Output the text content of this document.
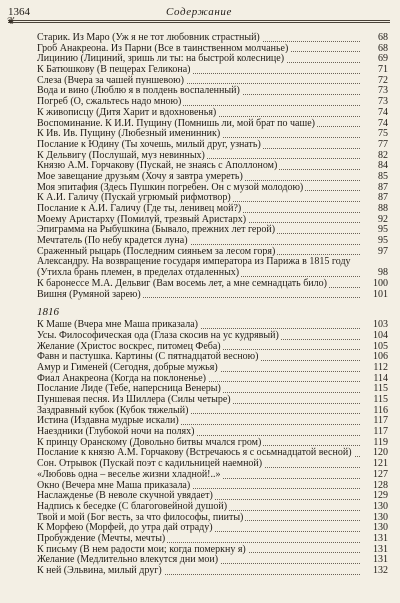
1364	Содержание
❦
Старик. Из Маро (Уж я не тот любовник страстный)	68
Гроб Анакреона. Из Парни (Все в таинственном молчанье)	68
Лицинию (Лициний, зришь ли ты: на быстрой колеснице)	69
К Батюшкову (В пещерах Геликона)	71
Слеза (Вчера за чашей пуншевою)	72
Вода и вино (Люблю я в полдень воспаленный)	73
Погреб (О, сжальтесь надо мною)	73
К живописцу (Дитя Харит и вдохновенья)	74
Воспоминание. К И.И. Пущину (Помнишь ли, мой брат по чаше)	74
К Ив. Ив. Пущину (Любезный именинник)	75
Послание к Юдину (Ты хочешь, милый друг, узнать)	77
К Дельвигу (Послушай, муз невинных)	82
Князю А.М. Горчакову (Пускай, не знаясь с Аполлоном)	84
Мое завещание друзьям (Хочу я завтра умереть)	85
Моя эпитафия (Здесь Пушкин погребен. Он с музой молодою)	87
К А.И. Галичу (Пускай угрюмый рифмотвор)	87
Послание к А.И. Галичу (Где ты, ленивец мой?)	88
Моему Аристарху (Помилуй, трезвый Аристарх)	92
Эпиграмма на Рыбушкина (Бывало, прежних лет герой)	95
Мечтатель (По небу крадется луна)	95
Сраженный рыцарь (Последним сияньем за лесом горя)	97
Александру. На возвращение государя императора из Парижа в 1815 году
(Утихла брань племен, в пределах отдаленных)	98
К баронессе М.А. Дельвиг (Вам восемь лет, а мне семнадцать било)	100
Вишня (Румяной зарею)	101
1816
К Маше (Вчера мне Маша приказала)	103
Усы. Философическая ода (Глаза скосив на ус кудрявый)	104
Желание (Христос воскрес, питомец Феба)	105
Фавн и пастушка. Картины (С пятнадцатой весною)	106
Амур и Гименей (Сегодня, добрые мужья)	112
Фиал Анакреона (Когда на поклоненье)	114
Послание Лиде (Тебе, наперсница Венеры)	115
Пуншевая песня. Из Шиллера (Силы четыре)	115
Заздравный кубок (Кубок тяжелый)	116
Истина (Издавна мудрые искали)	117
Наездники (Глубокой ночи на полях)	117
К принцу Оранскому (Довольно битвы мчался гром)	119
Послание к князю А.М. Горчакову (Встречаюсь я с осьмнадцатой весной)	120
Сон. Отрывок (Пускай поэт с кадильницей наемной)	121
«Любовь одна – веселье жизни хладной!..»	127
Окно (Вечера мне Маша приказала)	128
Наслажденье (В неволе скучной увядает)	129
Надпись к беседке (С благоговейной душой)	130
Твой и мой (Бог весть, за что философы, пииты)	130
К Морфею (Морфей, до утра дай отраду)	130
Пробуждение (Мечты, мечты)	131
К письму (В нем радости мои; когда померкну я)	131
Желание (Медлительно влекутся дни мои)	131
К ней (Эльвина, милый друг)	132
